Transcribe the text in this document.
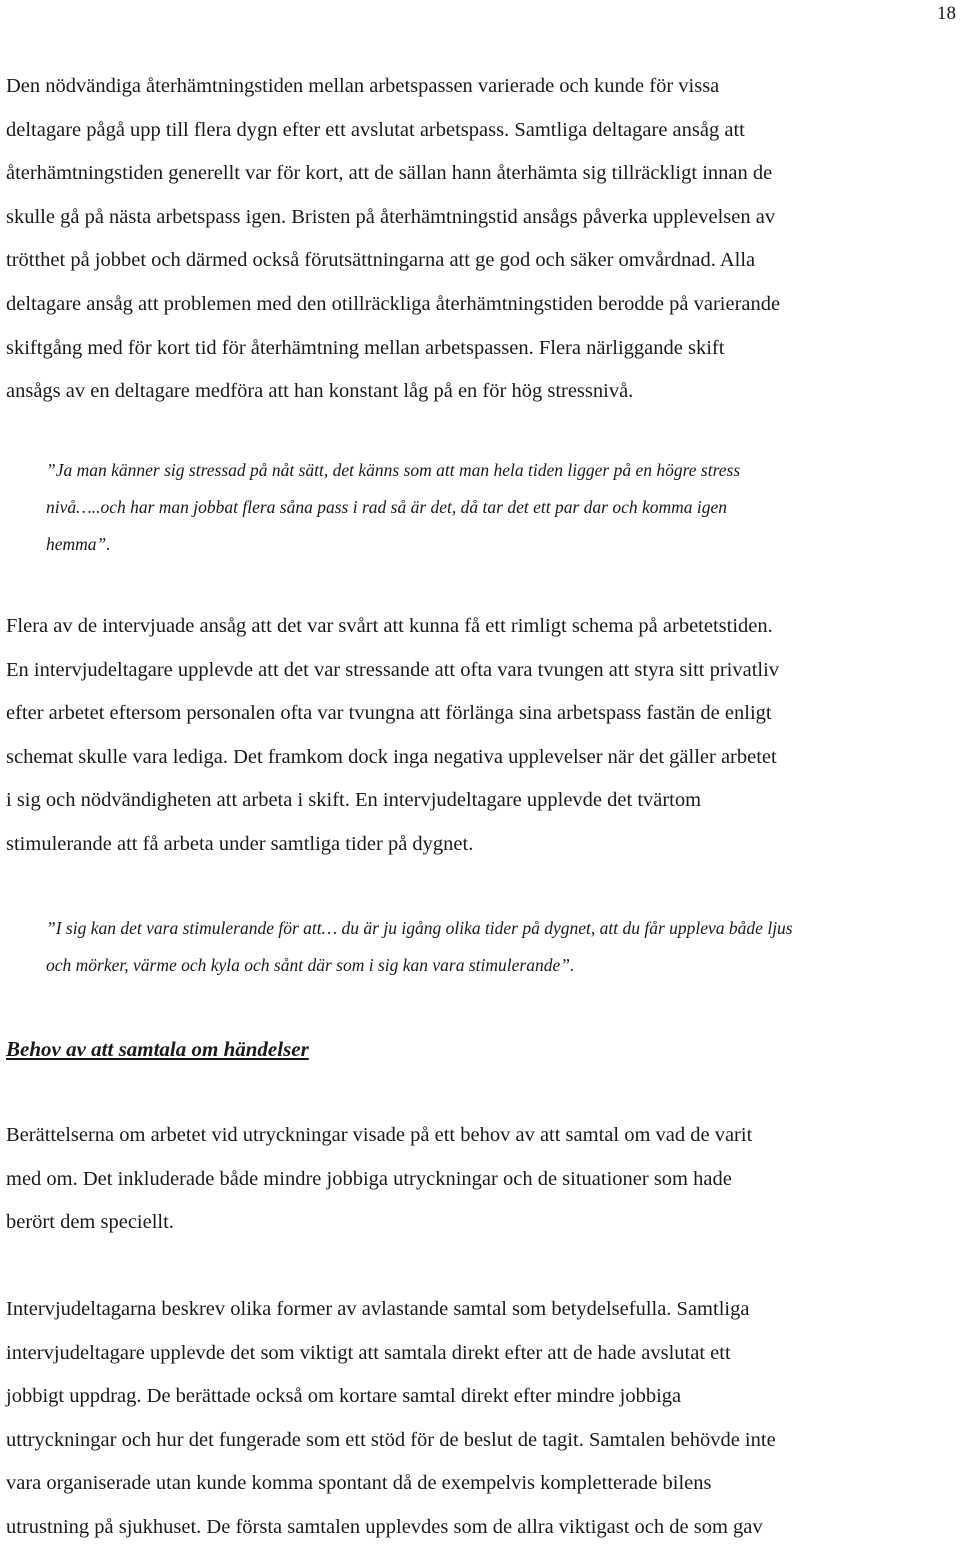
18
Den nödvändiga återhämtningstiden mellan arbetspassen varierade och kunde för vissa
deltagare pågå upp till flera dygn efter ett avslutat arbetspass. Samtliga deltagare ansåg att
återhämtningstiden generellt var för kort, att de sällan hann återhämta sig tillräckligt innan de
skulle gå på nästa arbetspass igen. Bristen på återhämtningstid ansågs påverka upplevelsen av
trötthet på jobbet och därmed också förutsättningarna att ge god och säker omvårdnad. Alla
deltagare ansåg att problemen med den otillräckliga återhämtningstiden berodde på varierande
skiftgång med för kort tid för återhämtning mellan arbetspassen. Flera närliggande skift
ansågs av en deltagare medföra att han konstant låg på en för hög stressnivå.
”Ja man känner sig stressad på nåt sätt, det känns som att man hela tiden ligger på en högre stress
nivå…..och har man jobbat flera såna pass i rad så är det, då tar det ett par dar och komma igen
hemma”.
Flera av de intervjuade ansåg att det var svårt att kunna få ett rimligt schema på arbetetstiden.
En intervjudeltagare upplevde att det var stressande att ofta vara tvungen att styra sitt privatliv
efter arbetet eftersom personalen ofta var tvungna att förlänga sina arbetspass fastän de enligt
schemat skulle vara lediga. Det framkom dock inga negativa upplevelser när det gäller arbetet
i sig och nödvändigheten att arbeta i skift. En intervjudeltagare upplevde det tvärtom
stimulerande att få arbeta under samtliga tider på dygnet.
”I sig kan det vara stimulerande för att… du är ju igång olika tider på dygnet, att du får uppleva både ljus
och mörker, värme och kyla och sånt där som i sig kan vara stimulerande”.
Behov av att samtala om händelser
Berättelserna om arbetet vid utryckningar visade på ett behov av att samtal om vad de varit
med om. Det inkluderade både mindre jobbiga utryckningar och de situationer som hade
berört dem speciellt.
Intervjudeltagarna beskrev olika former av avlastande samtal som betydelsefulla. Samtliga
intervjudeltagare upplevde det som viktigt att samtala direkt efter att de hade avslutat ett
jobbigt uppdrag. De berättade också om kortare samtal direkt efter mindre jobbiga
uttryckningar och hur det fungerade som ett stöd för de beslut de tagit. Samtalen behövde inte
vara organiserade utan kunde komma spontant då de exempelvis kompletterade bilens
utrustning på sjukhuset. De första samtalen upplevdes som de allra viktigast och de som gav
